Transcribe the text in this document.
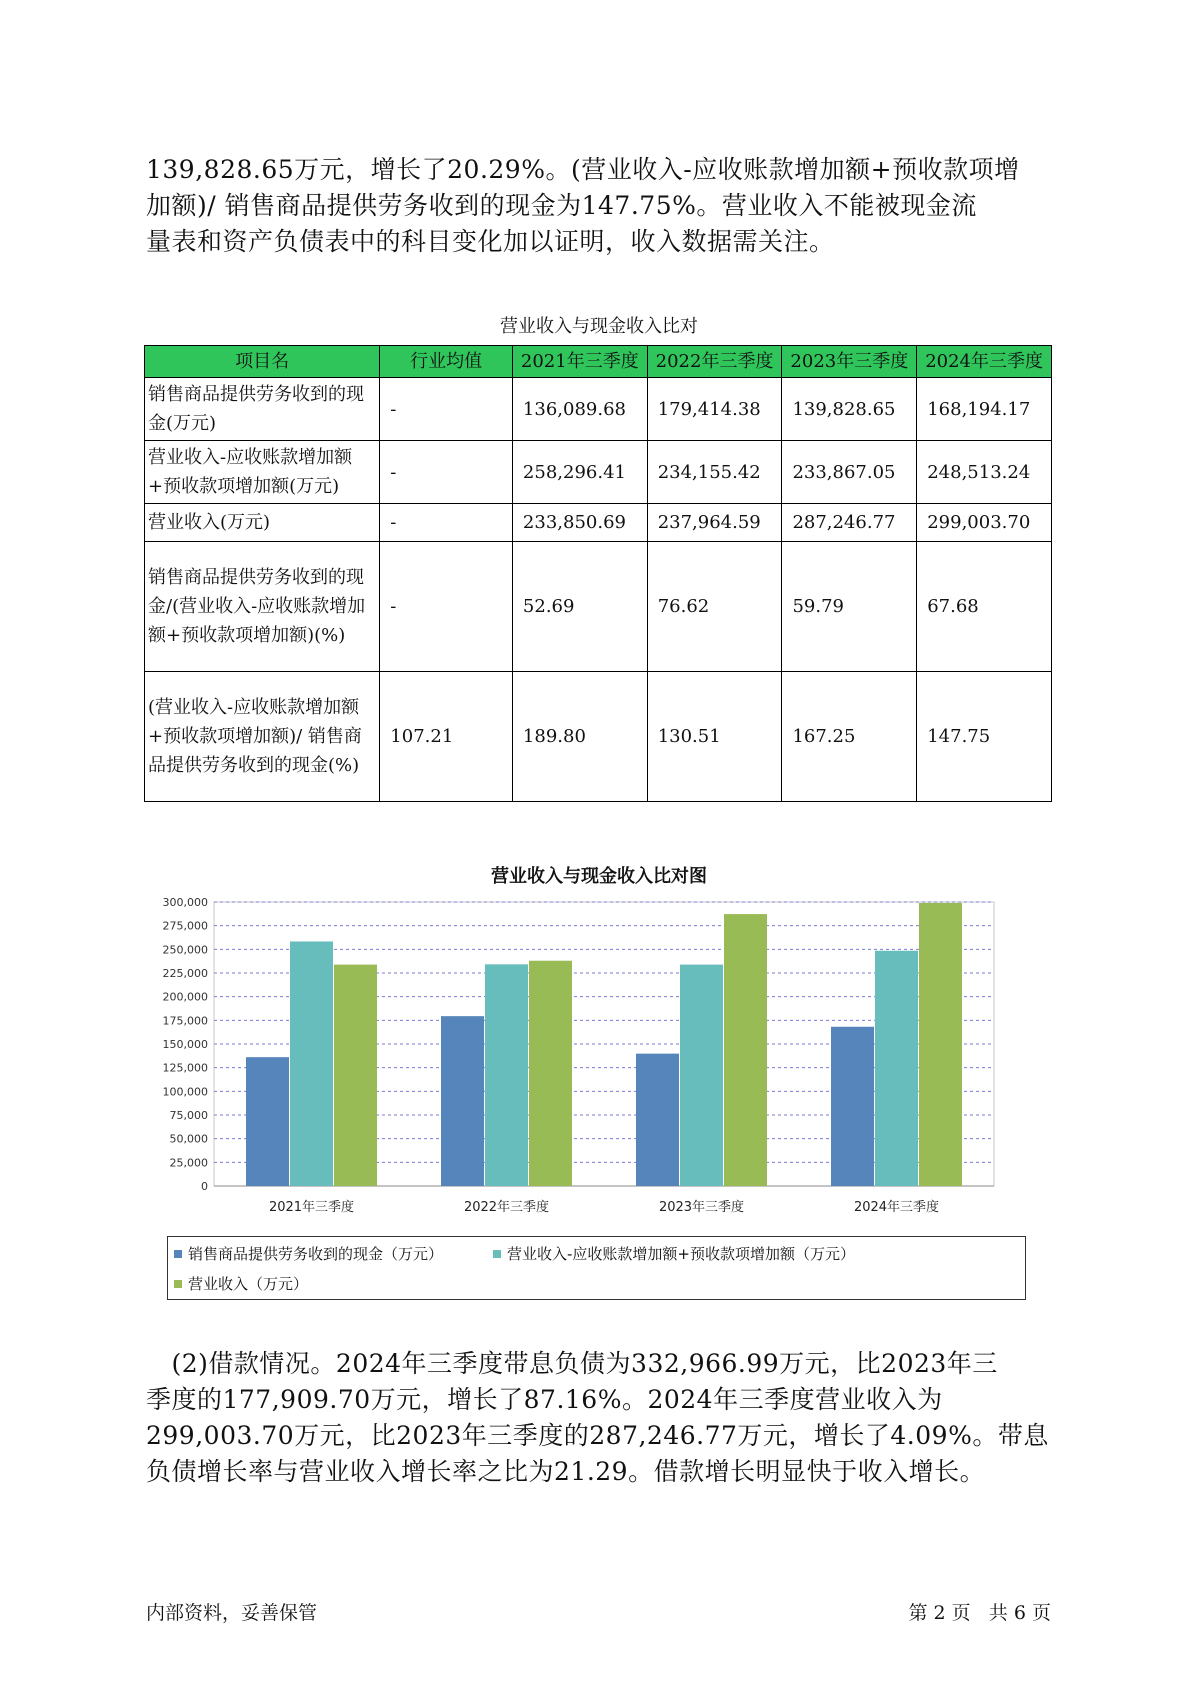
139,828.65万元，增长了20.29%。(营业收入-应收账款增加额+预收款项增
加额)/ 销售商品提供劳务收到的现金为147.75%。营业收入不能被现金流
量表和资产负债表中的科目变化加以证明，收入数据需关注。
营业收入与现金收入比对
项目名	行业均值	2021年三季度	2022年三季度	2023年三季度	2024年三季度
销售商品提供劳务收到的现金(万元)	-	136,089.68	179,414.38	139,828.65	168,194.17
营业收入-应收账款增加额+预收款项增加额(万元)	-	258,296.41	234,155.42	233,867.05	248,513.24
营业收入(万元)	-	233,850.69	237,964.59	287,246.77	299,003.70
销售商品提供劳务收到的现金/(营业收入-应收账款增加额+预收款项增加额)(%)	-	52.69	76.62	59.79	67.68
(营业收入-应收账款增加额+预收款项增加额)/ 销售商品提供劳务收到的现金(%)	107.21	189.80	130.51	167.25	147.75
营业收入与现金收入比对图
0
25,000
50,000
75,000
100,000
125,000
150,000
175,000
200,000
225,000
250,000
275,000
300,000
2021年三季度	2022年三季度	2023年三季度	2024年三季度
销售商品提供劳务收到的现金（万元）	营业收入-应收账款增加额+预收款项增加额（万元）
营业收入（万元）
　(2)借款情况。2024年三季度带息负债为332,966.99万元，比2023年三
季度的177,909.70万元，增长了87.16%。2024年三季度营业收入为
299,003.70万元，比2023年三季度的287,246.77万元，增长了4.09%。带息
负债增长率与营业收入增长率之比为21.29。借款增长明显快于收入增长。
内部资料，妥善保管	第 2 页 共 6 页
